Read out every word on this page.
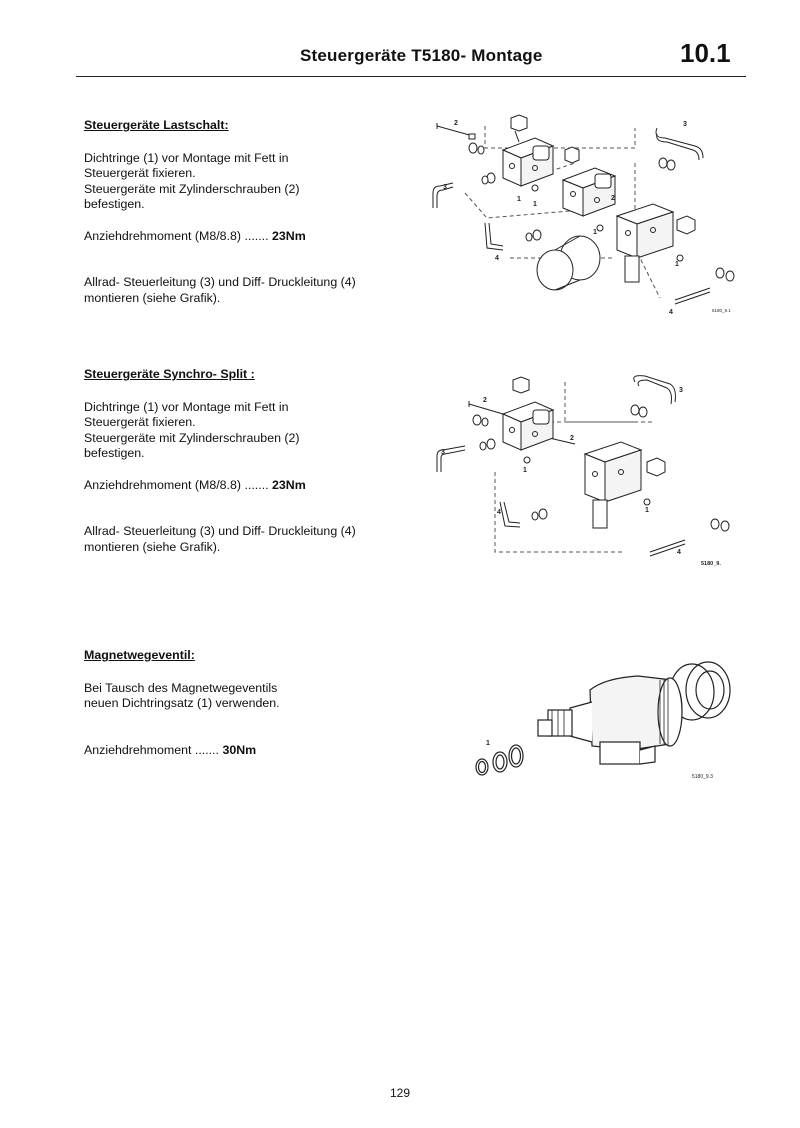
Steuergeräte T5180- Montage	10.1
Steuergeräte Lastschalt:
Dichtringe (1) vor Montage mit Fett in
Steuergerät fixieren.
Steuergeräte mit Zylinderschrauben (2)
befestigen.
Anziehdrehmoment (M8/8.8) ....... 23Nm
Allrad- Steuerleitung (3) und Diff- Druckleitung (4)
montieren (siehe Grafik).
Steuergeräte Synchro- Split :
Dichtringe (1) vor Montage mit Fett in
Steuergerät fixieren.
Steuergeräte mit Zylinderschrauben (2)
befestigen.
Anziehdrehmoment (M8/8.8) ....... 23Nm
Allrad- Steuerleitung (3) und Diff- Druckleitung (4)
montieren (siehe Grafik).
Magnetwegeventil:
Bei Tausch des Magnetwegeventils
neuen Dichtringsatz (1) verwenden.
Anziehdrehmoment ....... 30Nm
2
3
1
1
2
3
1
4
1
4	5180_9.1
2
3
1
3
2
4	1
4
5180_9.
1
5180_9.3
129
